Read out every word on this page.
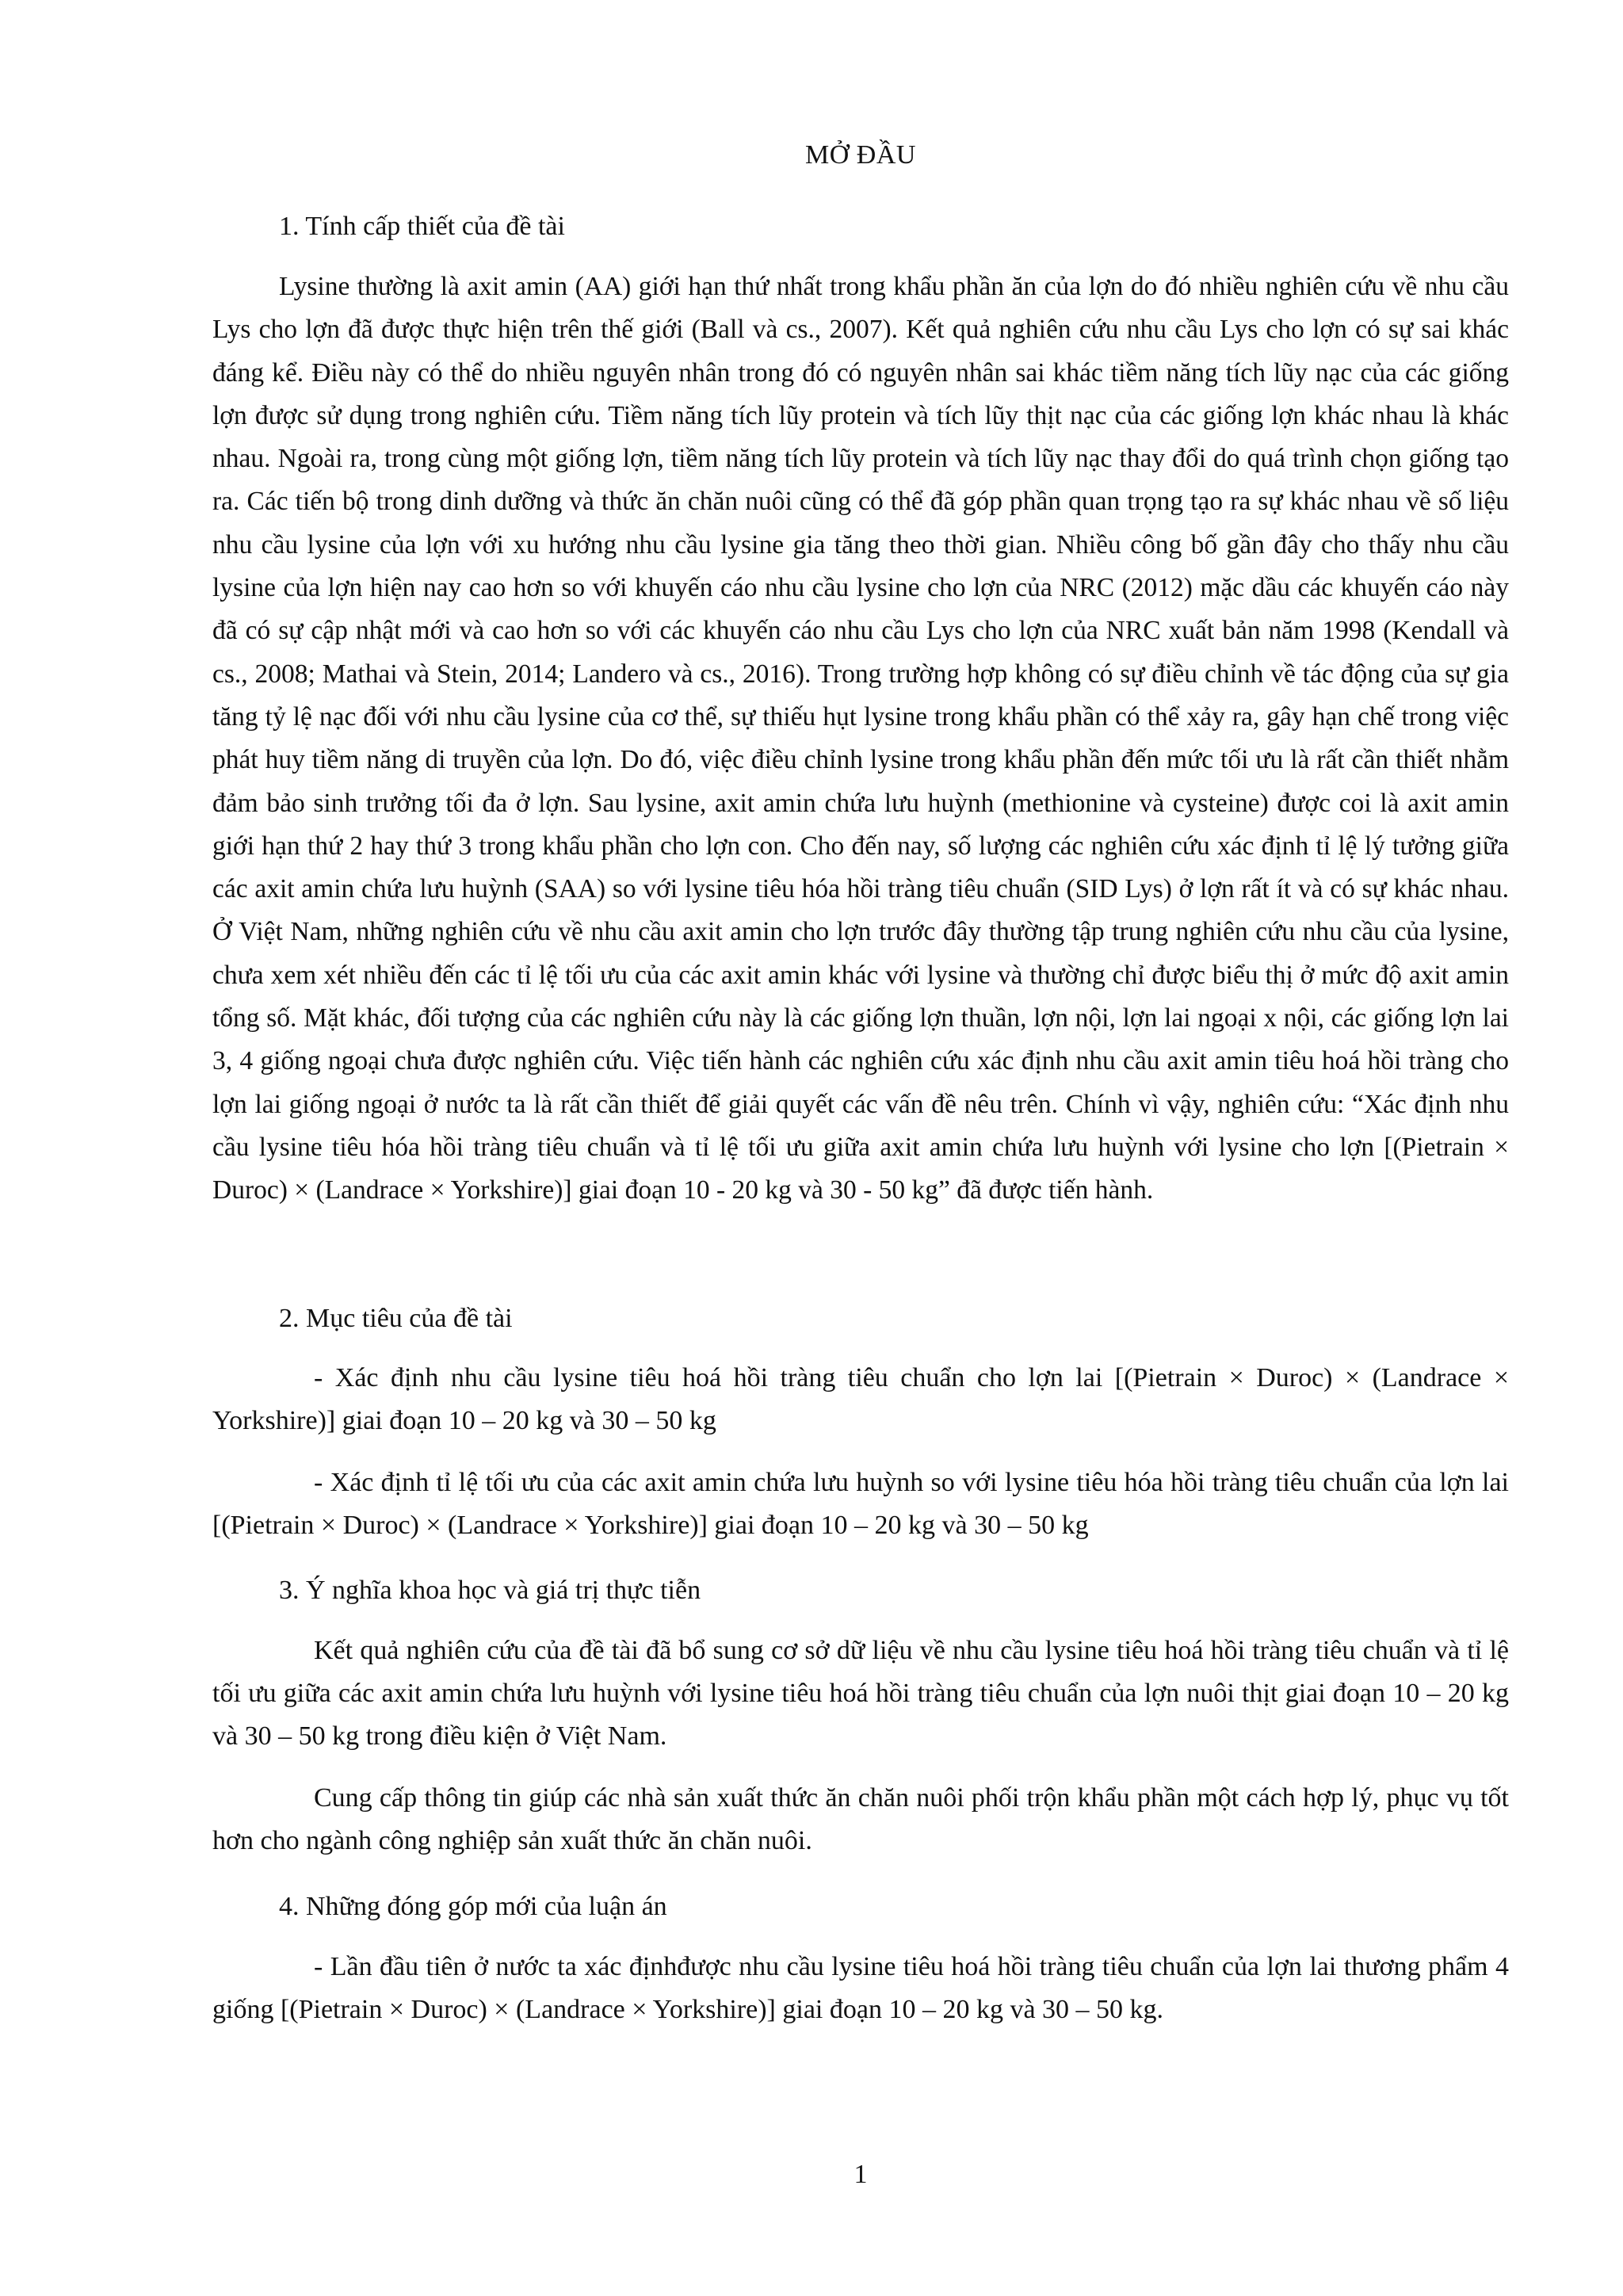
MỞ ĐẦU
1. Tính cấp thiết của đề tài

Lysine thường là axit amin (AA) giới hạn thứ nhất trong khẩu phần ăn của lợn do đó nhiều nghiên cứu về nhu cầu Lys cho lợn đã được thực hiện trên thế giới (Ball và cs., 2007). Kết quả nghiên cứu nhu cầu Lys cho lợn có sự sai khác đáng kể. Điều này có thể do nhiều nguyên nhân trong đó có nguyên nhân sai khác tiềm năng tích lũy nạc của các giống lợn được sử dụng trong nghiên cứu. Tiềm năng tích lũy protein và tích lũy thịt nạc của các giống lợn khác nhau là khác nhau. Ngoài ra, trong cùng một giống lợn, tiềm năng tích lũy protein và tích lũy nạc thay đổi do quá trình chọn giống tạo ra. Các tiến bộ trong dinh dưỡng và thức ăn chăn nuôi cũng có thể đã góp phần quan trọng tạo ra sự khác nhau về số liệu nhu cầu lysine của lợn với xu hướng nhu cầu lysine gia tăng theo thời gian. Nhiều công bố gần đây cho thấy nhu cầu lysine của lợn hiện nay cao hơn so với khuyến cáo nhu cầu lysine cho lợn của NRC (2012) mặc dầu các khuyến cáo này đã có sự cập nhật mới và cao hơn so với các khuyến cáo nhu cầu Lys cho lợn của NRC xuất bản năm 1998 (Kendall và cs., 2008; Mathai và Stein, 2014; Landero và cs., 2016). Trong trường hợp không có sự điều chỉnh về tác động của sự gia tăng tỷ lệ nạc đối với nhu cầu lysine của cơ thể, sự thiếu hụt lysine trong khẩu phần có thể xảy ra, gây hạn chế trong việc phát huy tiềm năng di truyền của lợn. Do đó, việc điều chỉnh lysine trong khẩu phần đến mức tối ưu là rất cần thiết nhằm đảm bảo sinh trưởng tối đa ở lợn. Sau lysine, axit amin chứa lưu huỳnh (methionine và cysteine) được coi là axit amin giới hạn thứ 2 hay thứ 3 trong khẩu phần cho lợn con. Cho đến nay, số lượng các nghiên cứu xác định tỉ lệ lý tưởng giữa các axit amin chứa lưu huỳnh (SAA) so với lysine tiêu hóa hồi tràng tiêu chuẩn (SID Lys) ở lợn rất ít và có sự khác nhau. Ở Việt Nam, những nghiên cứu về nhu cầu axit amin cho lợn trước đây thường tập trung nghiên cứu nhu cầu của lysine, chưa xem xét nhiều đến các tỉ lệ tối ưu của các axit amin khác với lysine và thường chỉ được biểu thị ở mức độ axit amin tổng số. Mặt khác, đối tượng của các nghiên cứu này là các giống lợn thuần, lợn nội, lợn lai ngoại x nội, các giống lợn lai 3, 4 giống ngoại chưa được nghiên cứu. Việc tiến hành các nghiên cứu xác định nhu cầu axit amin tiêu hoá hồi tràng cho lợn lai giống ngoại ở nước ta là rất cần thiết để giải quyết các vấn đề nêu trên. Chính vì vậy, nghiên cứu: “Xác định nhu cầu lysine tiêu hóa hồi tràng tiêu chuẩn và tỉ lệ tối ưu giữa axit amin chứa lưu huỳnh với lysine cho lợn [(Pietrain × Duroc) × (Landrace × Yorkshire)] giai đoạn 10 - 20 kg và 30 - 50 kg” đã được tiến hành.

2. Mục tiêu của đề tài

- Xác định nhu cầu lysine tiêu hoá hồi tràng tiêu chuẩn cho lợn lai [(Pietrain × Duroc) × (Landrace × Yorkshire)] giai đoạn 10 – 20 kg và 30 – 50 kg

- Xác định tỉ lệ tối ưu của các axit amin chứa lưu huỳnh so với lysine tiêu hóa hồi tràng tiêu chuẩn của lợn lai [(Pietrain × Duroc) × (Landrace × Yorkshire)] giai đoạn 10 – 20 kg và 30 – 50 kg

3. Ý nghĩa khoa học và giá trị thực tiễn

Kết quả nghiên cứu của đề tài đã bổ sung cơ sở dữ liệu về nhu cầu lysine tiêu hoá hồi tràng tiêu chuẩn và tỉ lệ tối ưu giữa các axit amin chứa lưu huỳnh với lysine tiêu hoá hồi tràng tiêu chuẩn của lợn nuôi thịt giai đoạn 10 – 20 kg và 30 – 50 kg trong điều kiện ở Việt Nam.

Cung cấp thông tin giúp các nhà sản xuất thức ăn chăn nuôi phối trộn khẩu phần một cách hợp lý, phục vụ tốt hơn cho ngành công nghiệp sản xuất thức ăn chăn nuôi.

4. Những đóng góp mới của luận án

- Lần đầu tiên ở nước ta xác địnhđược nhu cầu lysine tiêu hoá hồi tràng tiêu chuẩn của lợn lai thương phẩm 4 giống [(Pietrain × Duroc) × (Landrace × Yorkshire)] giai đoạn 10 – 20 kg và 30 – 50 kg.

1
